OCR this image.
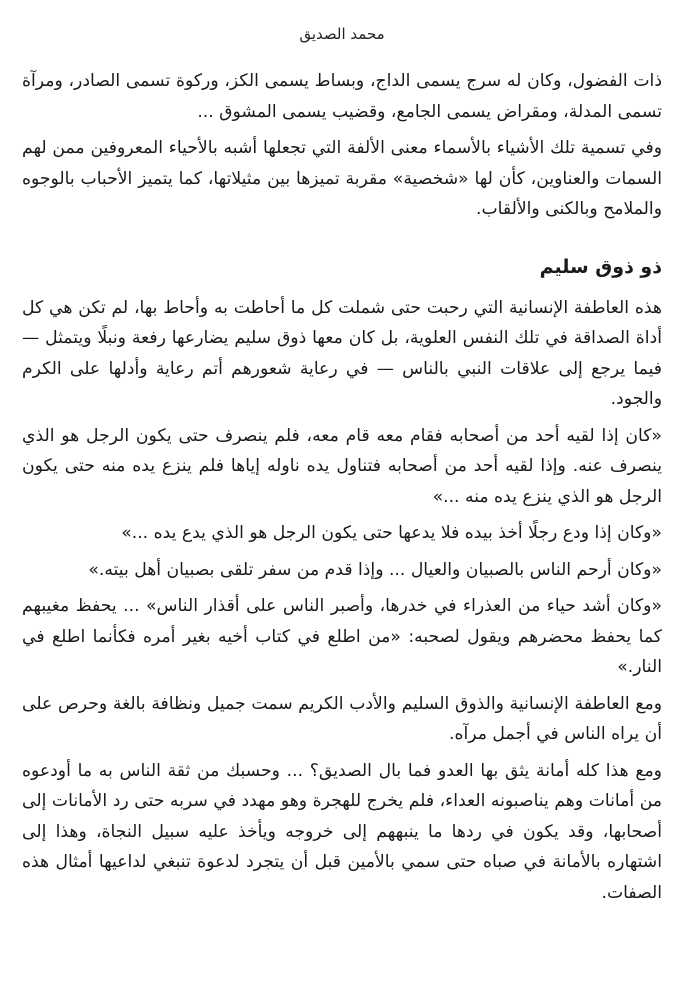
محمد الصديق

ذات الفضول، وكان له سرج يسمى الداج، وبساط يسمى الكز، وركوة تسمى الصادر، ومرآة تسمى المدلة، ومقراض يسمى الجامع، وقضيب يسمى المشوق ...

وفي تسمية تلك الأشياء بالأسماء معنى الألفة التي تجعلها أشبه بالأحياء المعروفين ممن لهم السمات والعناوين، كأن لها «شخصية» مقربة تميزها بين مثيلاتها، كما يتميز الأحباب بالوجوه والملامح وبالكنى والألقاب.

ذو ذوق سليم

هذه العاطفة الإنسانية التي رحبت حتى شملت كل ما أحاطت به وأحاط بها، لم تكن هي كل أداة الصداقة في تلك النفس العلوية، بل كان معها ذوق سليم يضارعها رفعة ونبلًا ويتمثل — فيما يرجع إلى علاقات النبي بالناس — في رعاية شعورهم أتم رعاية وأدلها على الكرم والجود.

«كان إذا لقيه أحد من أصحابه فقام معه قام معه، فلم ينصرف حتى يكون الرجل هو الذي ينصرف عنه. وإذا لقيه أحد من أصحابه فتناول يده ناوله إياها فلم ينزع يده منه حتى يكون الرجل هو الذي ينزع يده منه ...»

«وكان إذا ودع رجلًا أخذ بيده فلا يدعها حتى يكون الرجل هو الذي يدع يده ...»

«وكان أرحم الناس بالصبيان والعيال ... وإذا قدم من سفر تلقى بصبيان أهل بيته.»

«وكان أشد حياء من العذراء في خدرها، وأصبر الناس على أقذار الناس» ... يحفظ مغيبهم كما يحفظ محضرهم ويقول لصحبه: «من اطلع في كتاب أخيه بغير أمره فكأنما اطلع في النار.»

ومع العاطفة الإنسانية والذوق السليم والأدب الكريم سمت جميل ونظافة بالغة وحرص على أن يراه الناس في أجمل مرآه.

ومع هذا كله أمانة يثق بها العدو فما بال الصديق؟ ... وحسبك من ثقة الناس به ما أودعوه من أمانات وهم يناصبونه العداء، فلم يخرج للهجرة وهو مهدد في سربه حتى رد الأمانات إلى أصحابها، وقد يكون في ردها ما ينبههم إلى خروجه ويأخذ عليه سبيل النجاة، وهذا إلى اشتهاره بالأمانة في صباه حتى سمي بالأمين قبل أن يتجرد لدعوة تنبغي لداعيها أمثال هذه الصفات.
